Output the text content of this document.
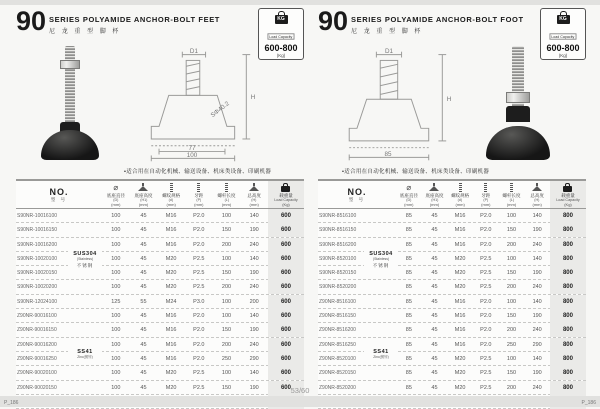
90 SERIES POLYAMIDE ANCHOR-BOLT FEET
尼 龙 重 型 脚 杯
KG
Load Capacity
600-800
(Kg)
D1
H
SΦ40.2
77
100
•适合用在自动化机械、输送设备、机床类设备、印刷机器
NO.
型 号
⌀
底座直径
(D)
(mm)
底座高度
(H1)
(mm)
螺纹规格
(d)
(mm)
牙距
(P)
(mm)
螺杆长度
(L)
(mm)
总高度
(H)
(mm)
载重量
Load Capacity
(Kg)
S90NR-10016100	100	45	M16	P2.0	100	140	600
S90NR-10016150	100	45	M16	P2.0	150	190	600
S90NR-10016200	100	45	M16	P2.0	200	240	600
S90NR-10020100	100	45	M20	P2.5	100	140	600
S90NR-10020150	100	45	M20	P2.5	150	190	600
S90NR-10020200	100	45	M20	P2.5	200	240	600
S90NR-12024100	125	55	M24	P3.0	100	200	600
Z90NR-90016100	100	45	M16	P2.0	100	140	600
Z90NR-90016150	100	45	M16	P2.0	150	190	600
Z90NR-90016200	100	45	M16	P2.0	200	240	600
Z90NR-90016250	100	45	M16	P2.0	250	290	600
Z90NR-90020100	100	45	M20	P2.5	100	140	600
Z90NR-90020150	100	45	M20	P2.5	150	190	600
SUS304
(Stainless)
不锈钢
SS41
Zinc(镀锌)
90 SERIES POLYAMIDE ANCHOR-BOLT FOOT
尼 龙 重 型 脚 杯
KG
Load Capacity
600-800
(Kg)
D1
H
85
•适合用在自动化机械、输送设备、机床类设备、印刷机器
NO.
型 号
⌀
底座直径
(D)
(mm)
底座高度
(H1)
(mm)
螺纹规格
(d)
(mm)
牙距
(P)
(mm)
螺杆长度
(L)
(mm)
总高度
(H)
(mm)
载重量
Load Capacity
(Kg)
S90NR-8516100	85	45	M16	P2.0	100	140	800
S90NR-8516150	85	45	M16	P2.0	150	190	800
S90NR-8516200	85	45	M16	P2.0	200	240	800
S90NR-8520100	85	45	M20	P2.5	100	140	800
S90NR-8520150	85	45	M20	P2.5	150	190	800
S90NR-8520200	85	45	M20	P2.5	200	240	800
Z90NR-8516100	85	45	M16	P2.0	100	140	800
Z90NR-8516150	85	45	M16	P2.0	150	190	800
Z90NR-8516200	85	45	M16	P2.0	200	240	800
Z90NR-8516250	85	45	M16	P2.0	250	290	800
Z90NR-8520100	85	45	M20	P2.5	100	140	800
Z90NR-8520150	85	45	M20	P2.5	150	190	800
Z90NR-8520200	85	45	M20	P2.5	200	240	800
SUS304
(Stainless)
不锈钢
SS41
Zinc(镀锌)
53/60
P_186	P_186
